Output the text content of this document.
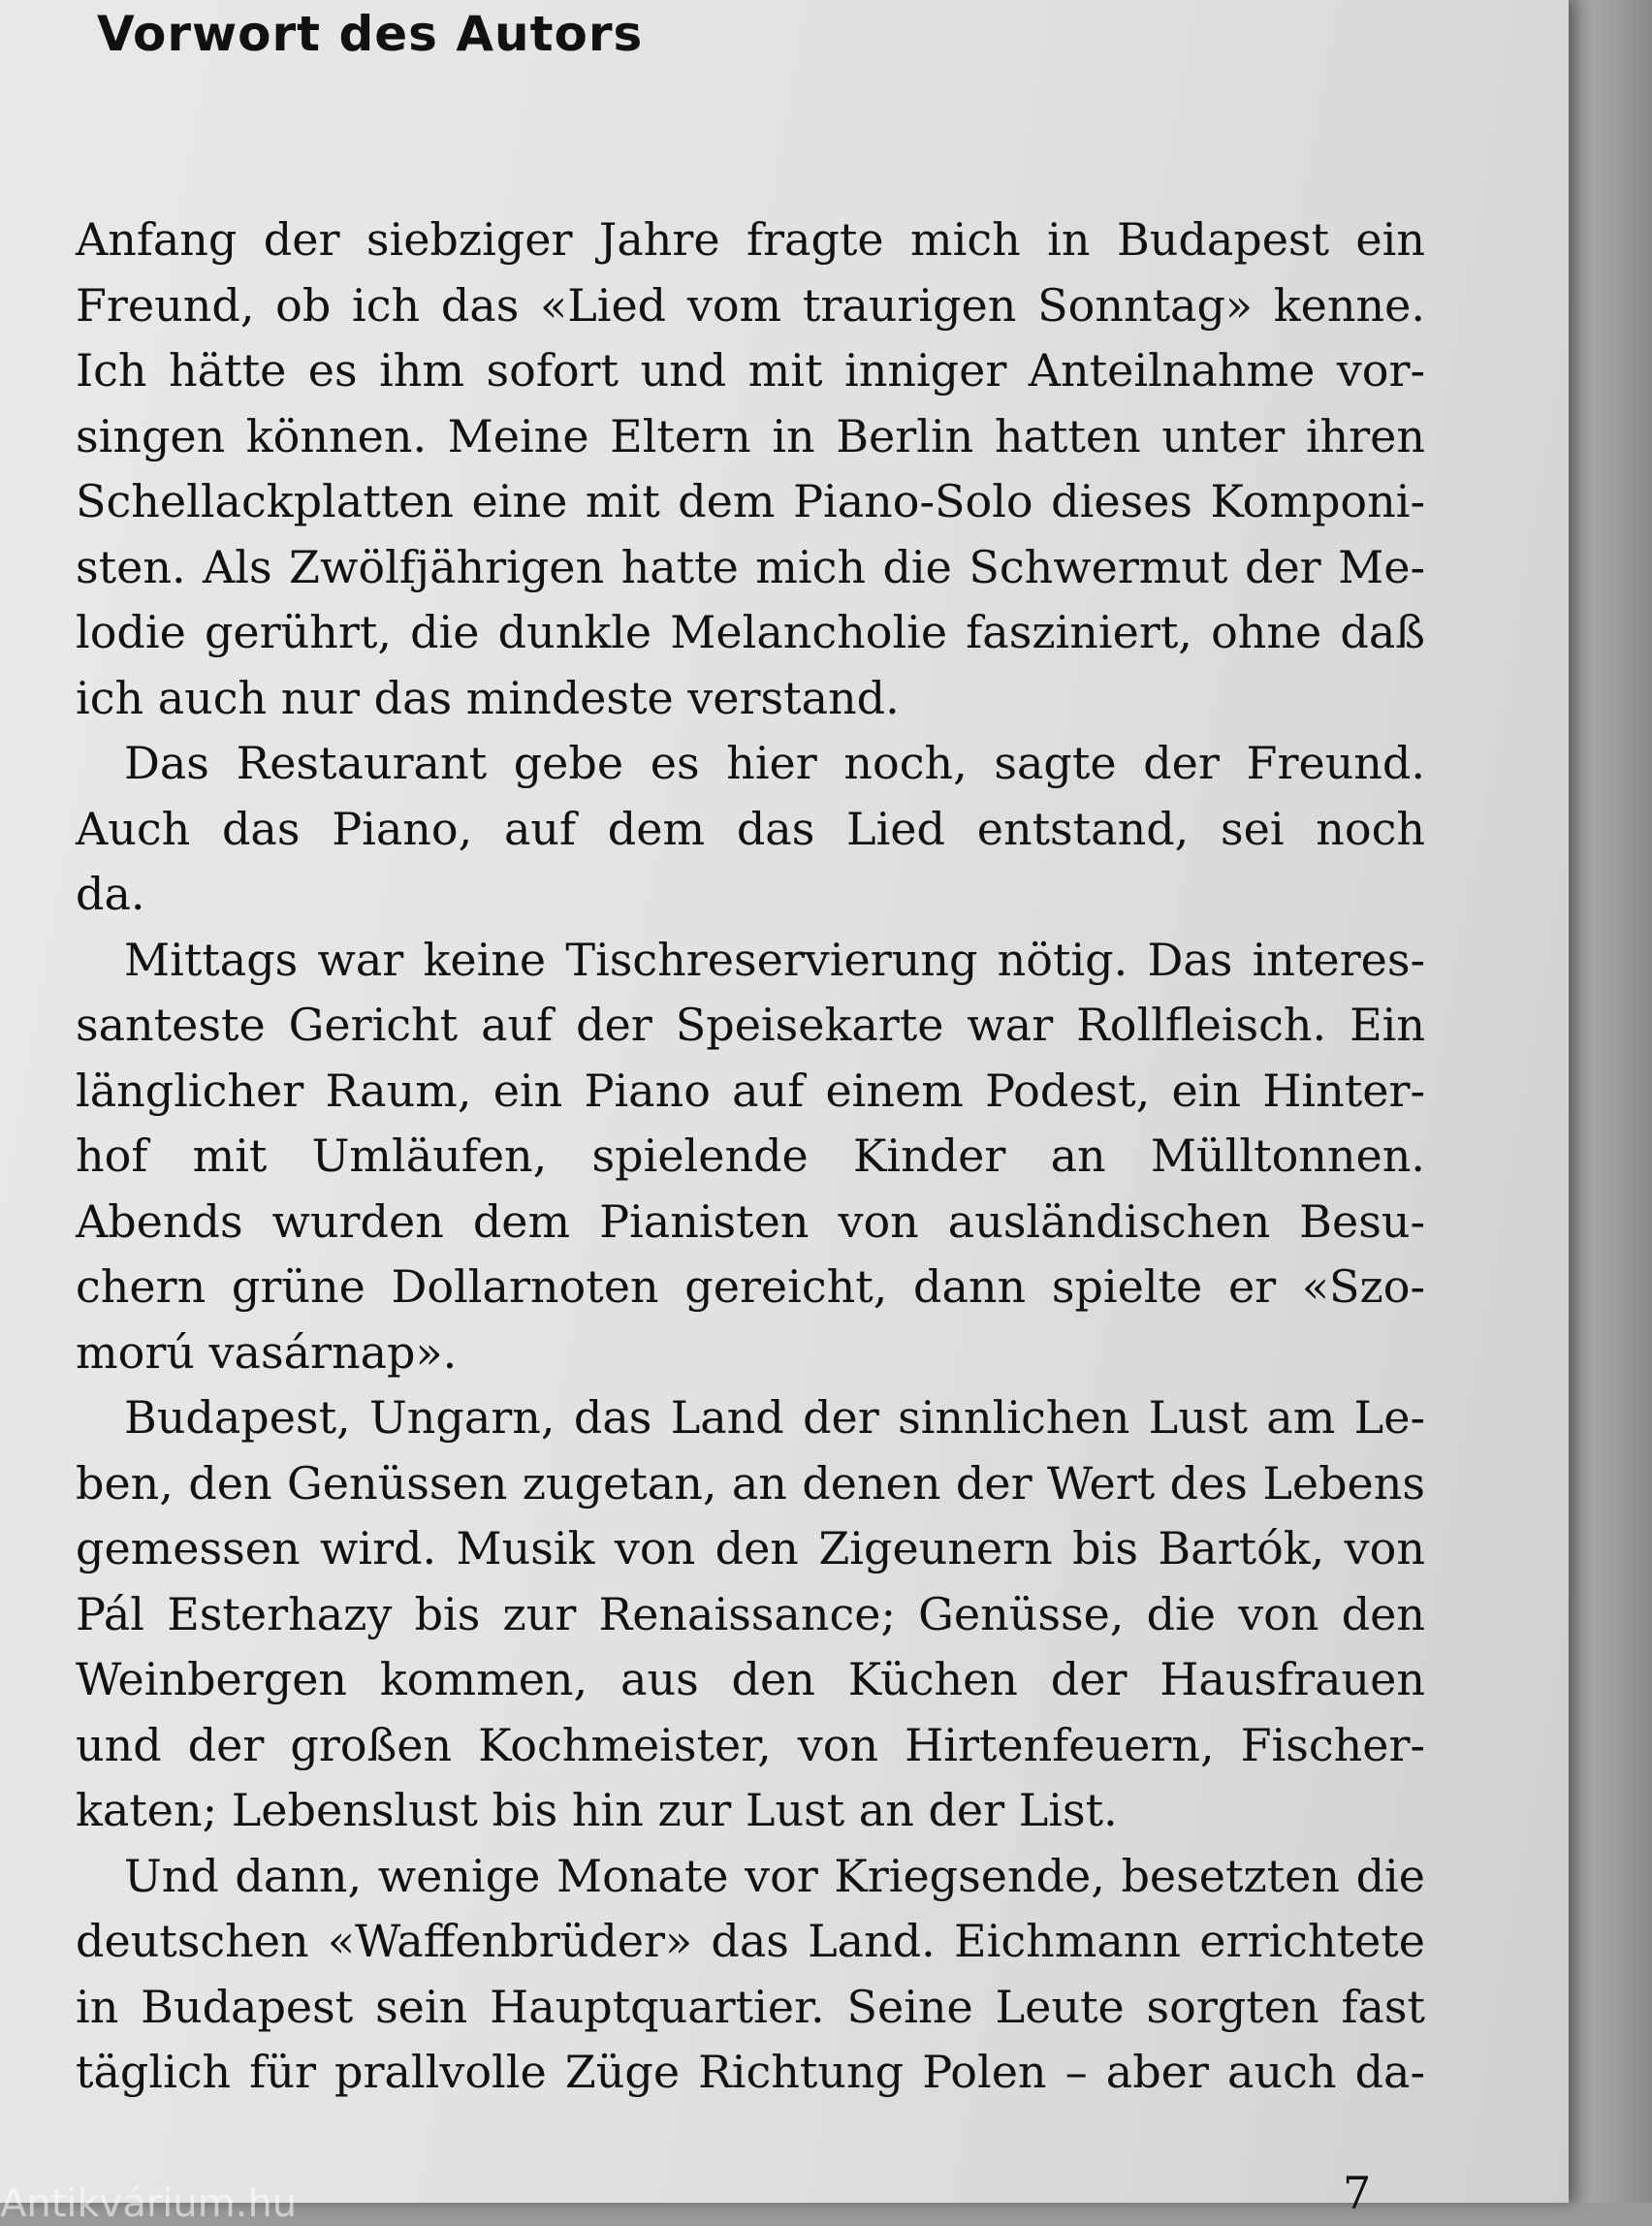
Vorwort des Autors

Anfang der siebziger Jahre fragte mich in Budapest ein
Freund, ob ich das «Lied vom traurigen Sonntag» kenne.
Ich hätte es ihm sofort und mit inniger Anteilnahme vor-
singen können. Meine Eltern in Berlin hatten unter ihren
Schellackplatten eine mit dem Piano-Solo dieses Komponi-
sten. Als Zwölfjährigen hatte mich die Schwermut der Me-
lodie gerührt, die dunkle Melancholie fasziniert, ohne daß
ich auch nur das mindeste verstand.

Das Restaurant gebe es hier noch, sagte der Freund.
Auch das Piano, auf dem das Lied entstand, sei noch
da.

Mittags war keine Tischreservierung nötig. Das interes-
santeste Gericht auf der Speisekarte war Rollfleisch. Ein
länglicher Raum, ein Piano auf einem Podest, ein Hinter-
hof mit Umläufen, spielende Kinder an Mülltonnen.
Abends wurden dem Pianisten von ausländischen Besu-
chern grüne Dollarnoten gereicht, dann spielte er «Szo-
morú vasárnap».

Budapest, Ungarn, das Land der sinnlichen Lust am Le-
ben, den Genüssen zugetan, an denen der Wert des Lebens
gemessen wird. Musik von den Zigeunern bis Bartók, von
Pál Esterhazy bis zur Renaissance; Genüsse, die von den
Weinbergen kommen, aus den Küchen der Hausfrauen
und der großen Kochmeister, von Hirtenfeuern, Fischer-
katen; Lebenslust bis hin zur Lust an der List.

Und dann, wenige Monate vor Kriegsende, besetzten die
deutschen «Waffenbrüder» das Land. Eichmann errichtete
in Budapest sein Hauptquartier. Seine Leute sorgten fast
täglich für prallvolle Züge Richtung Polen – aber auch da-

7
Antikvárium.hu
